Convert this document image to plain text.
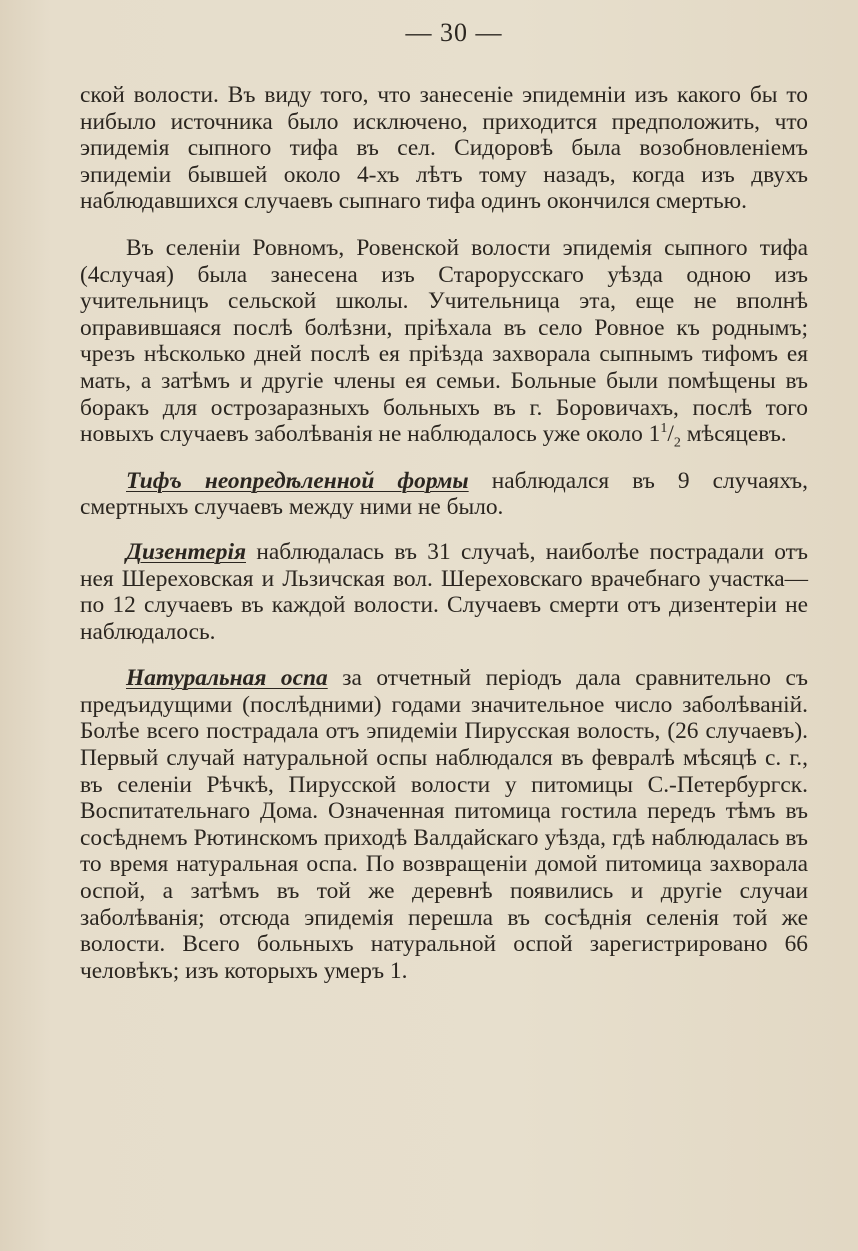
— 30 —

ской волости. Въ виду того, что занесеніе эпидемніи изъ какого бы то нибыло источника было исключено, приходится предположить, что эпидемія сыпного тифа въ сел. Сидоровѣ была возобновленіемъ эпидеміи бывшей около 4-хъ лѣтъ тому назадъ, когда изъ двухъ наблюдавшихся случаевъ сыпнаго тифа одинъ окончился смертью.

Въ селеніи Ровномъ, Ровенской волости эпидемія сыпного тифа (4случая) была занесена изъ Старорусскаго уѣзда одною изъ учительницъ сельской школы. Учительница эта, еще не вполнѣ оправившаяся послѣ болѣзни, пріѣхала въ село Ровное къ роднымъ; чрезъ нѣсколько дней послѣ ея пріѣзда захворала сыпнымъ тифомъ ея мать, а затѣмъ и другіе члены ея семьи. Больные были помѣщены въ боракъ для острозаразныхъ больныхъ въ г. Боровичахъ, послѣ того новыхъ случаевъ заболѣванія не наблюдалось уже около $1^1/_2$ мѣсяцевъ.

Тифъ неопредѣленной формы наблюдался въ 9 случаяхъ, смертныхъ случаевъ между ними не было.

Дизентерія наблюдалась въ 31 случаѣ, наиболѣе пострадали отъ нея Шереховская и Льзичская вол. Шереховскаго врачебнаго участка—по 12 случаевъ въ каждой волости. Случаевъ смерти отъ дизентеріи не наблюдалось.

Натуральная оспа за отчетный періодъ дала сравнительно съ предъидущими (послѣдними) годами значительное число заболѣваній. Болѣе всего пострадала отъ эпидеміи Пирусская волость, (26 случаевъ). Первый случай натуральной оспы наблюдался въ февралѣ мѣсяцѣ с. г., въ селеніи Рѣчкѣ, Пирусской волости у питомицы С.-Петербургск. Воспитательнаго Дома. Означенная питомица гостила передъ тѣмъ въ сосѣднемъ Рютинскомъ приходѣ Валдайскаго уѣзда, гдѣ наблюдалась въ то время натуральная оспа. По возвращеніи домой питомица захворала оспой, а затѣмъ въ той же деревнѣ появились и другіе случаи заболѣванія; отсюда эпидемія перешла въ сосѣднія селенія той же волости. Всего больныхъ натуральной оспой зарегистрировано 66 человѣкъ; изъ которыхъ умеръ 1.
